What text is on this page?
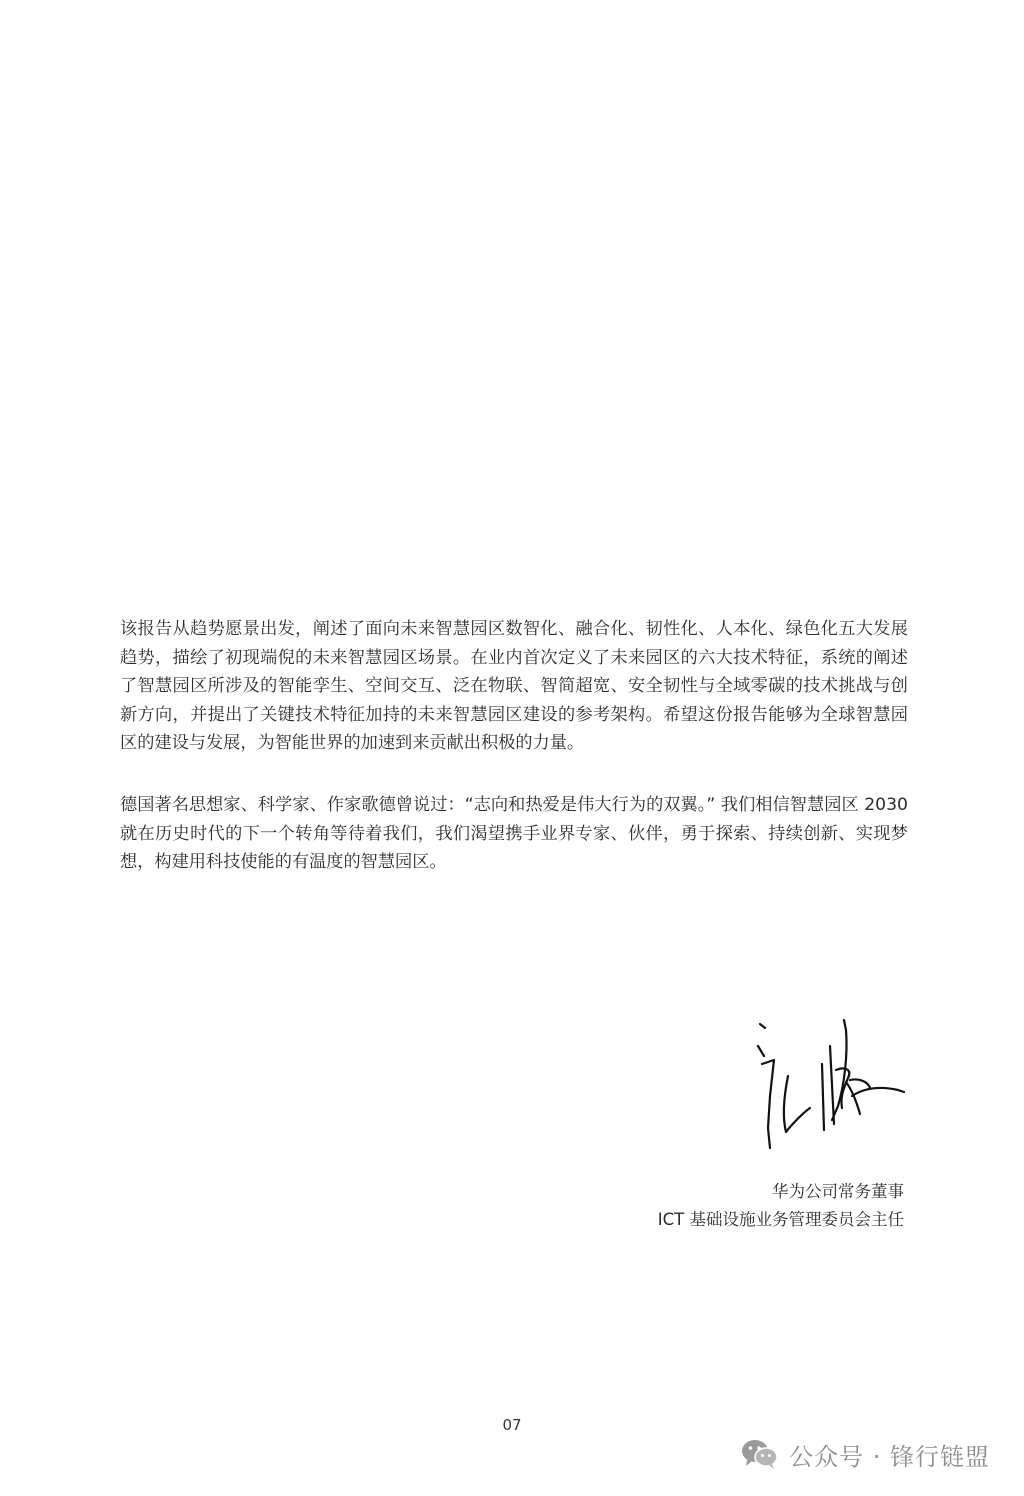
该报告从趋势愿景出发，阐述了面向未来智慧园区数智化、融合化、韧性化、人本化、绿色化五大发展趋势，描绘了初现端倪的未来智慧园区场景。在业内首次定义了未来园区的六大技术特征，系统的阐述了智慧园区所涉及的智能孪生、空间交互、泛在物联、智简超宽、安全韧性与全域零碳的技术挑战与创新方向，并提出了关键技术特征加持的未来智慧园区建设的参考架构。希望这份报告能够为全球智慧园区的建设与发展，为智能世界的加速到来贡献出积极的力量。

德国著名思想家、科学家、作家歌德曾说过：“志向和热爱是伟大行为的双翼。” 我们相信智慧园区 2030 就在历史时代的下一个转角等待着我们，我们渴望携手业界专家、伙伴，勇于探索、持续创新、实现梦想，构建用科技使能的有温度的智慧园区。

华为公司常务董事
ICT 基础设施业务管理委员会主任
07
公众号 · 锋行链盟
